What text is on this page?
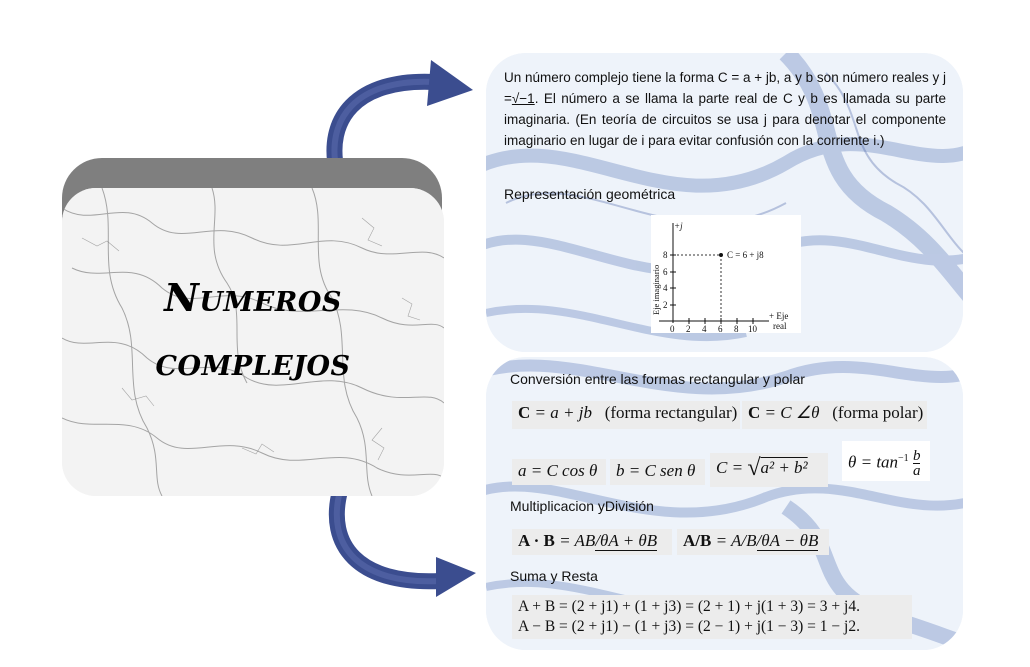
Numeros
complejos
Un número complejo tiene la forma C = a + jb, a y b son número reales y j =√−1. El número a se llama la parte real de C y b es llamada su parte imaginaria. (En teoría de circuitos se usa j para denotar el componente imaginario en lugar de i para evitar confusión con la corriente i.)
Representación geométrica
2
4
6
8
0 2 4 6 8 10
+j
C = 6 + j8
+ Eje
real
Eje imaginario
Conversión entre las formas rectangular y polar
C = a + jb (forma rectangular) C = C ∠θ (forma polar)
a = C cos θ	b = C sen θ	C = √a² + b²	$\theta = \tan^{-1} \frac{b}{a}$
Multiplicacion yDivisión
A · B = AB/θA + θB	A/B = A/B/θA − θB
Suma y Resta
A + B = (2 + j1) + (1 + j3) = (2 + 1) + j(1 + 3) = 3 + j4.
A − B = (2 + j1) − (1 + j3) = (2 − 1) + j(1 − 3) = 1 − j2.
